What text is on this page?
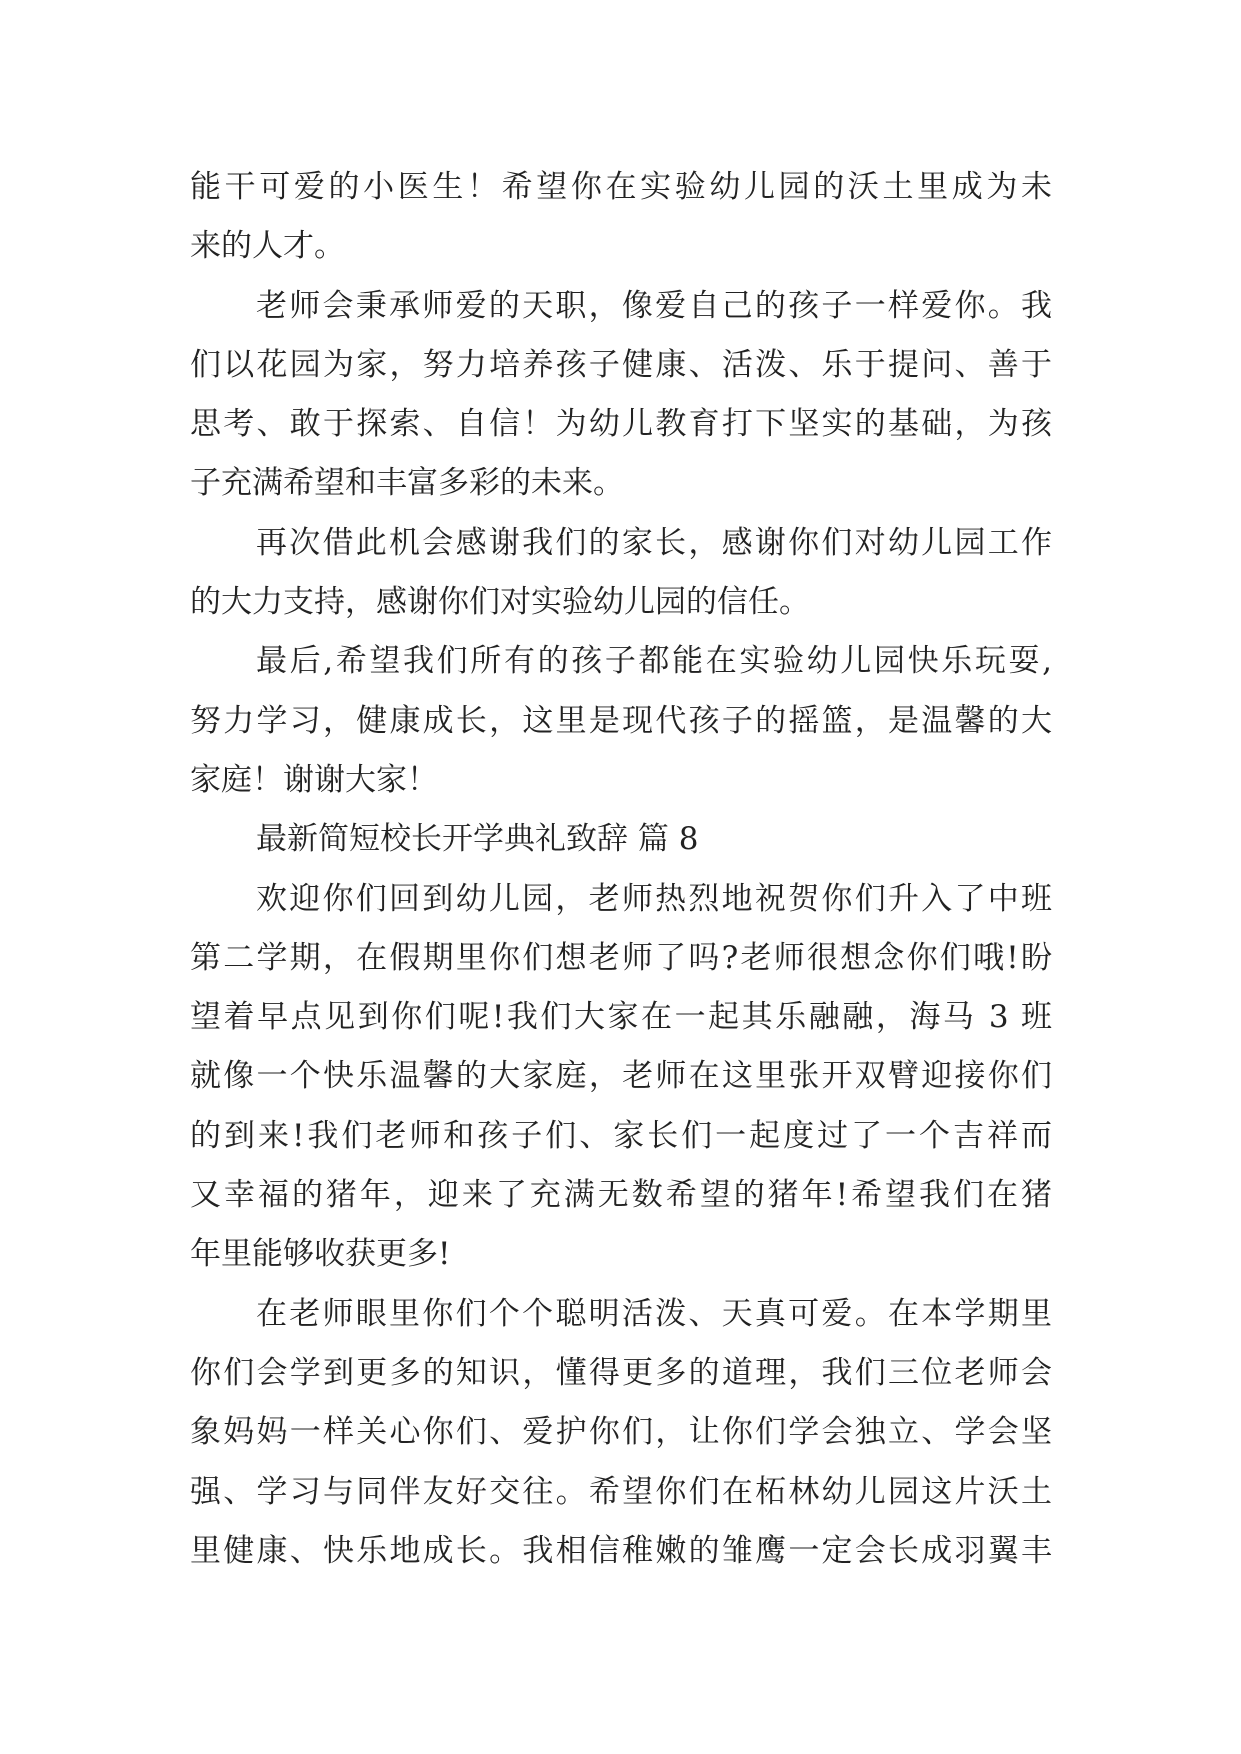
能干可爱的小医生！希望你在实验幼儿园的沃土里成为未
来的人才。
老师会秉承师爱的天职，像爱自己的孩子一样爱你。我
们以花园为家，努力培养孩子健康、活泼、乐于提问、善于
思考、敢于探索、自信！为幼儿教育打下坚实的基础，为孩
子充满希望和丰富多彩的未来。
再次借此机会感谢我们的家长，感谢你们对幼儿园工作
的大力支持，感谢你们对实验幼儿园的信任。
最后,希望我们所有的孩子都能在实验幼儿园快乐玩耍,
努力学习，健康成长，这里是现代孩子的摇篮，是温馨的大
家庭！谢谢大家！
最新简短校长开学典礼致辞 篇 8
欢迎你们回到幼儿园，老师热烈地祝贺你们升入了中班
第二学期，在假期里你们想老师了吗?老师很想念你们哦!盼
望着早点见到你们呢!我们大家在一起其乐融融，海马 3 班
就像一个快乐温馨的大家庭，老师在这里张开双臂迎接你们
的到来!我们老师和孩子们、家长们一起度过了一个吉祥而
又幸福的猪年，迎来了充满无数希望的猪年!希望我们在猪
年里能够收获更多!
在老师眼里你们个个聪明活泼、天真可爱。在本学期里
你们会学到更多的知识，懂得更多的道理，我们三位老师会
象妈妈一样关心你们、爱护你们，让你们学会独立、学会坚
强、学习与同伴友好交往。希望你们在柘林幼儿园这片沃土
里健康、快乐地成长。我相信稚嫩的雏鹰一定会长成羽翼丰
